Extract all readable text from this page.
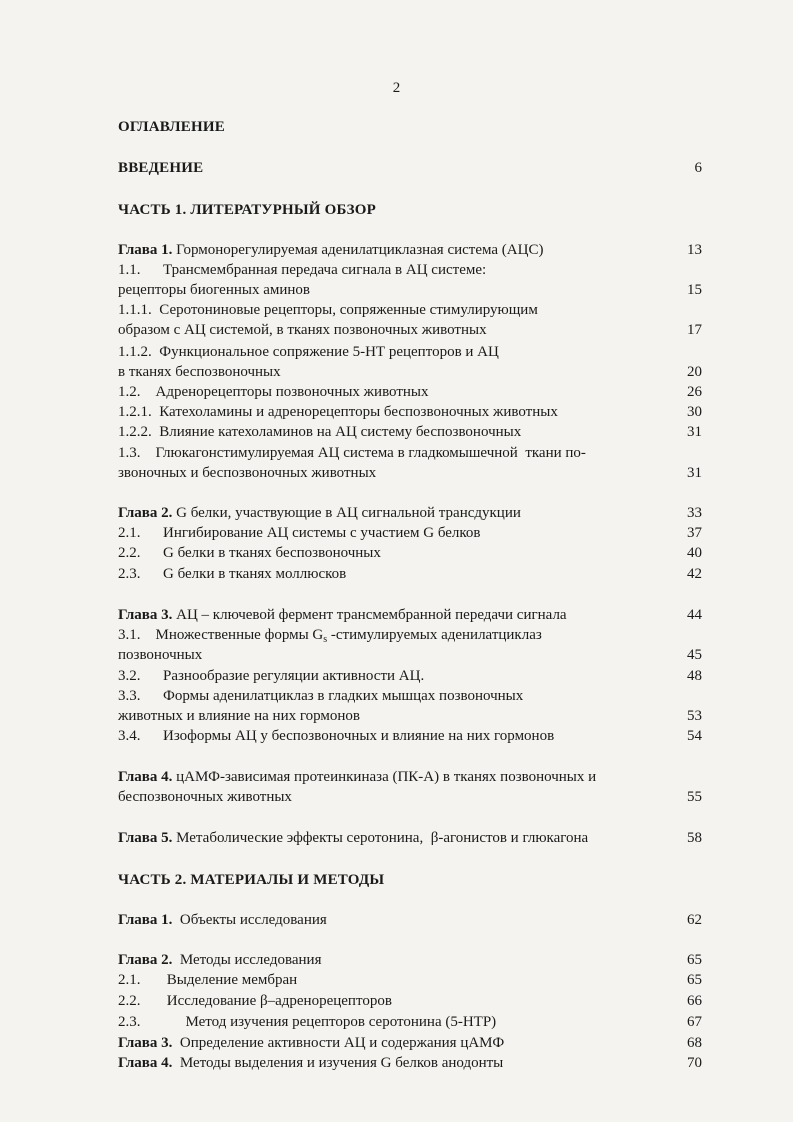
2
ОГЛАВЛЕНИЕ
ВВЕДЕНИЕ	6
ЧАСТЬ 1. ЛИТЕРАТУРНЫЙ ОБЗОР
Глава 1. Гормонорегулируемая аденилатциклазная система (АЦС)	13
1.1.      Трансмембранная передача сигнала в АЦ системе:
рецепторы биогенных аминов	15
1.1.1.  Серотониновые рецепторы, сопряженные стимулирующим
образом с АЦ системой, в тканях позвоночных животных	17
1.1.2.  Функциональное сопряжение 5-НТ рецепторов и АЦ
в тканях беспозвоночных	20
1.2.    Адренорецепторы позвоночных животных	26
1.2.1.  Катехоламины и адренорецепторы беспозвоночных животных	30
1.2.2.  Влияние катехоламинов на АЦ систему беспозвоночных	31
1.3.    Глюкагонстимулируемая АЦ система в гладкомышечной  ткани по-
звоночных и беспозвоночных животных	31
Глава 2. G белки, участвующие в АЦ сигнальной трансдукции	33
2.1.      Ингибирование АЦ системы с участием G белков	37
2.2.      G белки в тканях беспозвоночных	40
2.3.      G белки в тканях моллюсков	42
Глава 3. АЦ – ключевой фермент трансмембранной передачи сигнала	44
3.1.    Множественные формы $G_s$ -стимулируемых аденилатциклаз
позвоночных	45
3.2.      Разнообразие регуляции активности АЦ.	48
3.3.      Формы аденилатциклаз в гладких мышцах позвоночных
животных и влияние на них гормонов	53
3.4.      Изоформы АЦ у беспозвоночных и влияние на них гормонов	54
Глава 4. цАМФ-зависимая протеинкиназа (ПК-А) в тканях позвоночных и
беспозвоночных животных	55
Глава 5. Метаболические эффекты серотонина,  β-агонистов и глюкагона	58
Глава 1.  Объекты исследования	62
Глава 2.  Методы исследования	65
2.1.       Выделение мембран	65
2.2.       Исследование β–адренорецепторов	66
2.3.            Метод изучения рецепторов серотонина (5-НТР)	67
Глава 3.  Определение активности АЦ и содержания цАМФ	68
Глава 4.  Методы выделения и изучения G белков анодонты	70
ЧАСТЬ 2. МАТЕРИАЛЫ И МЕТОДЫ
